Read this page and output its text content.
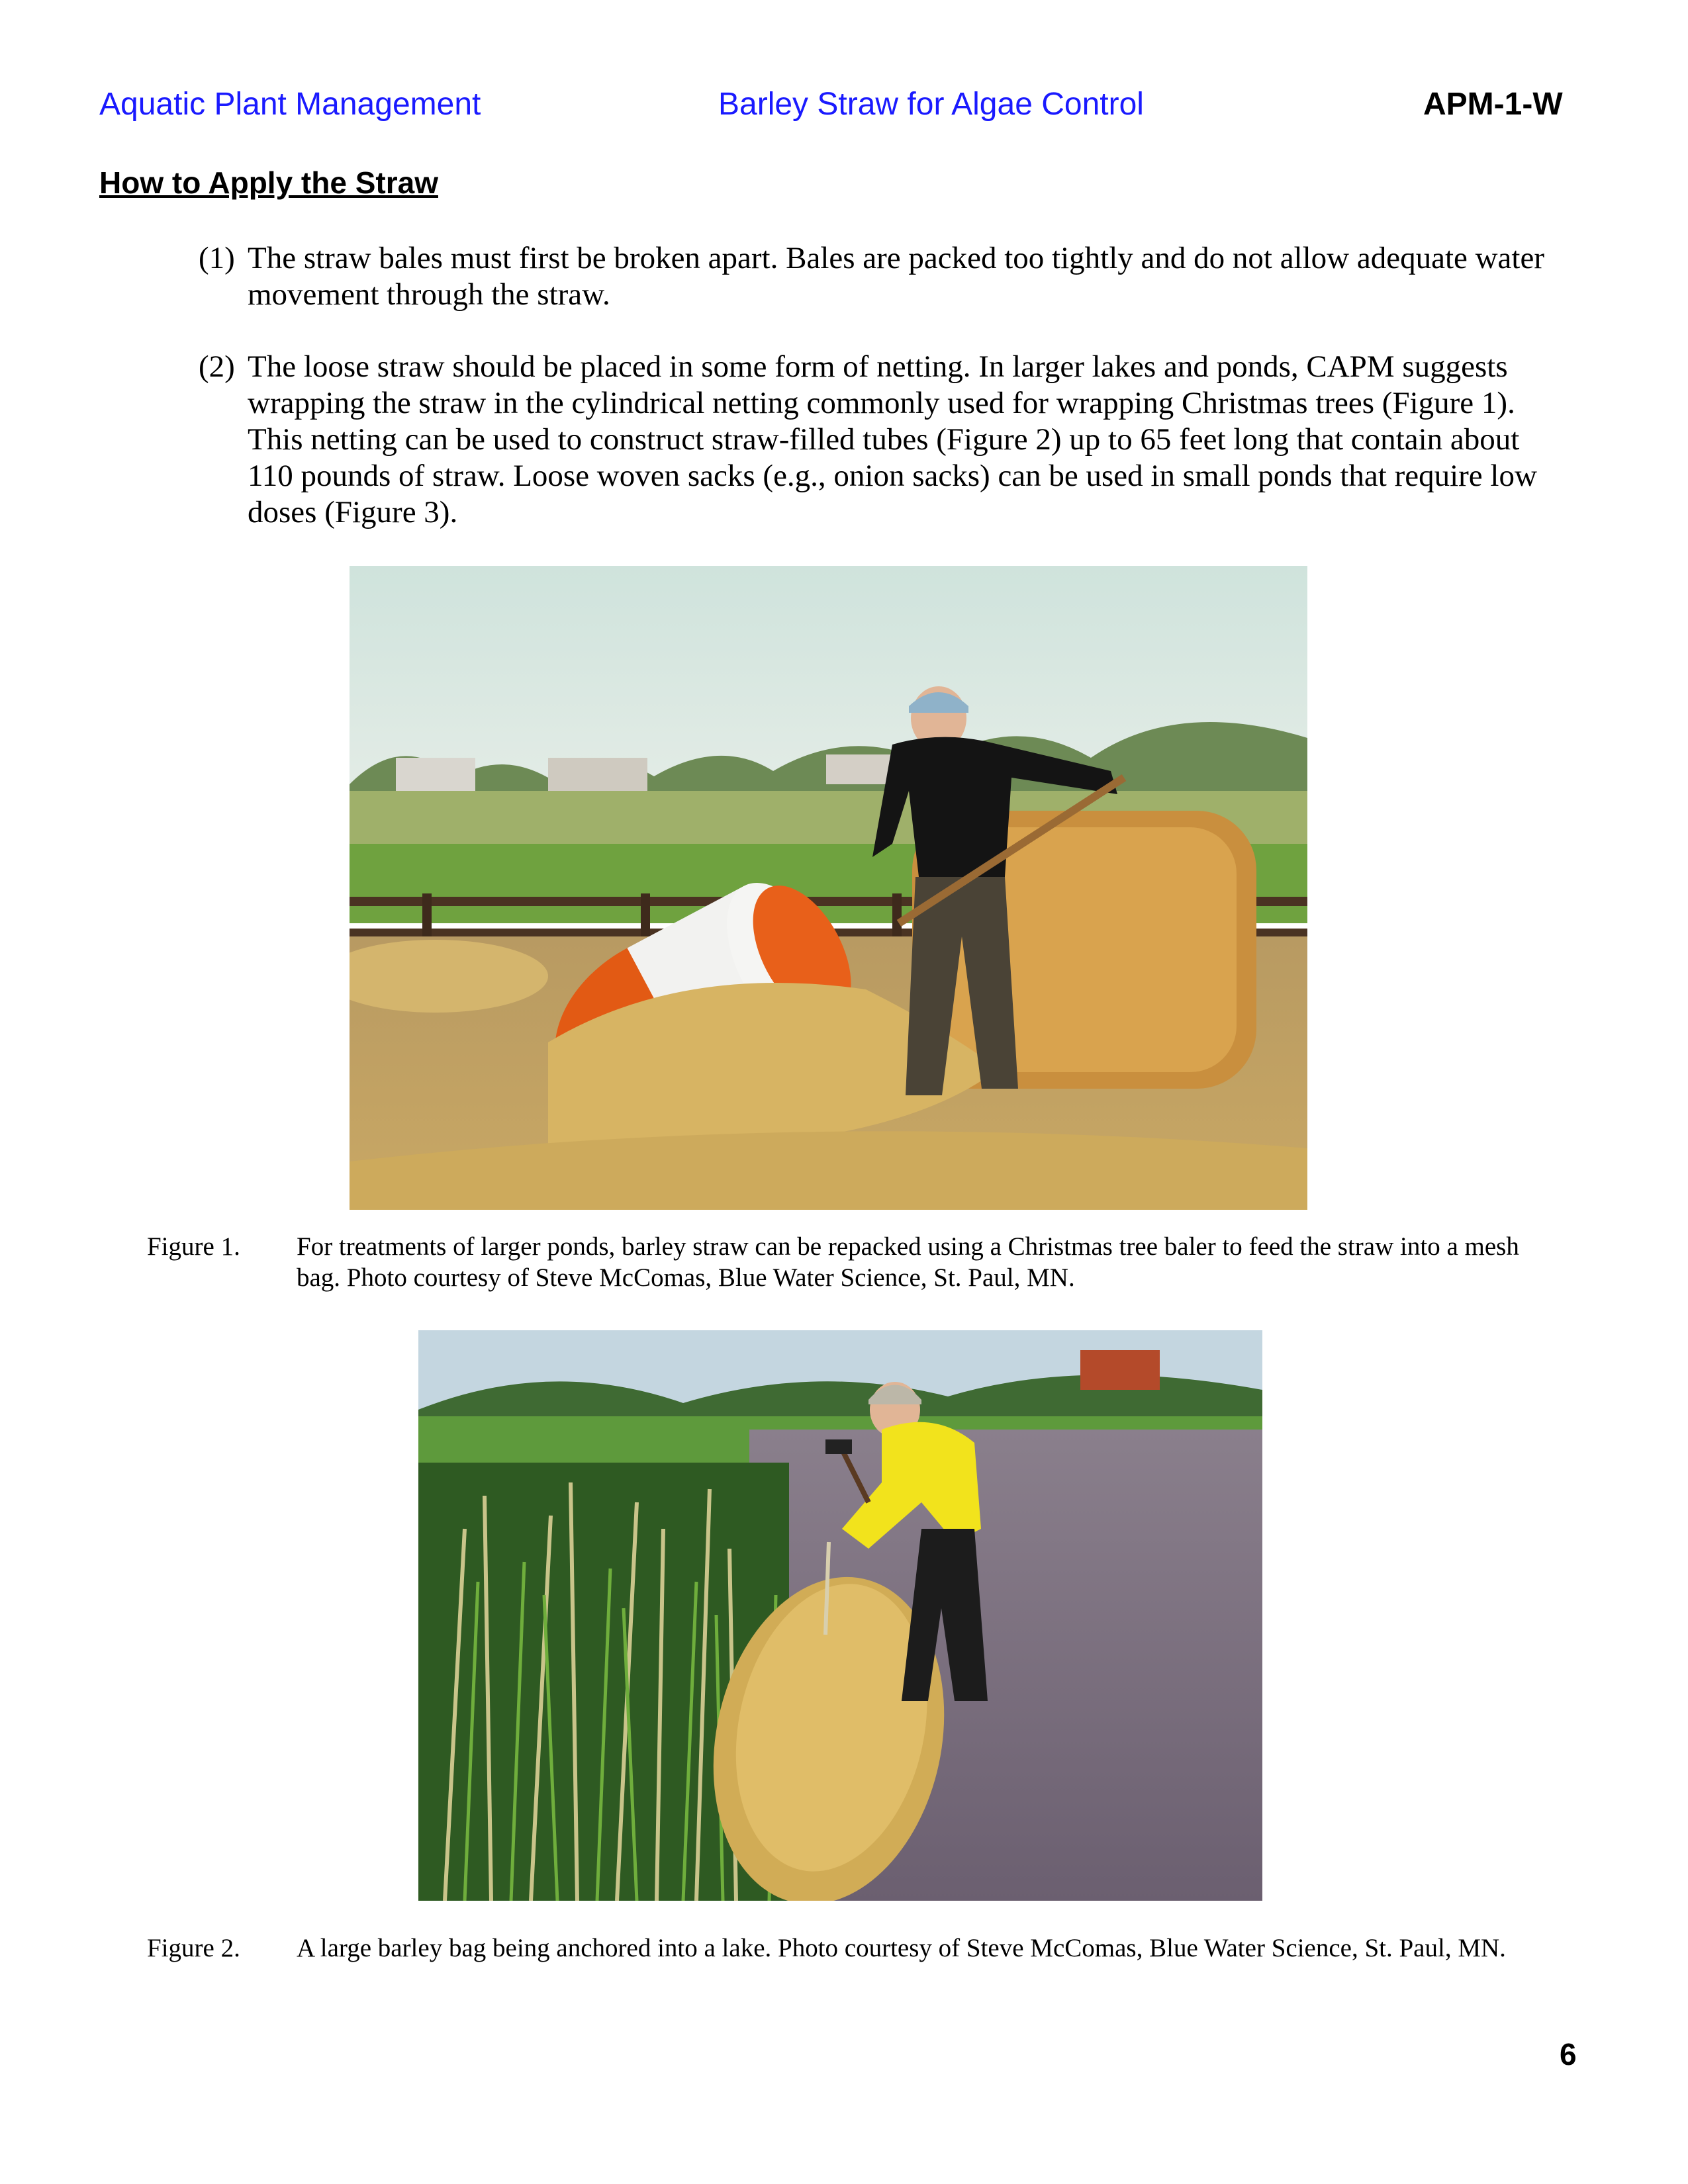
Aquatic Plant Management	Barley Straw for Algae Control	APM-1-W
How to Apply the Straw
(1) The straw bales must first be broken apart. Bales are packed too tightly and do not allow adequate water movement through the straw.
(2) The loose straw should be placed in some form of netting. In larger lakes and ponds, CAPM suggests wrapping the straw in the cylindrical netting commonly used for wrapping Christmas trees (Figure 1). This netting can be used to construct straw-filled tubes (Figure 2) up to 65 feet long that contain about 110 pounds of straw. Loose woven sacks (e.g., onion sacks) can be used in small ponds that require low doses (Figure 3).
Figure 1. For treatments of larger ponds, barley straw can be repacked using a Christmas tree baler to feed the straw into a mesh bag. Photo courtesy of Steve McComas, Blue Water Science, St. Paul, MN.
Figure 2. A large barley bag being anchored into a lake. Photo courtesy of Steve McComas, Blue Water Science, St. Paul, MN.
6
